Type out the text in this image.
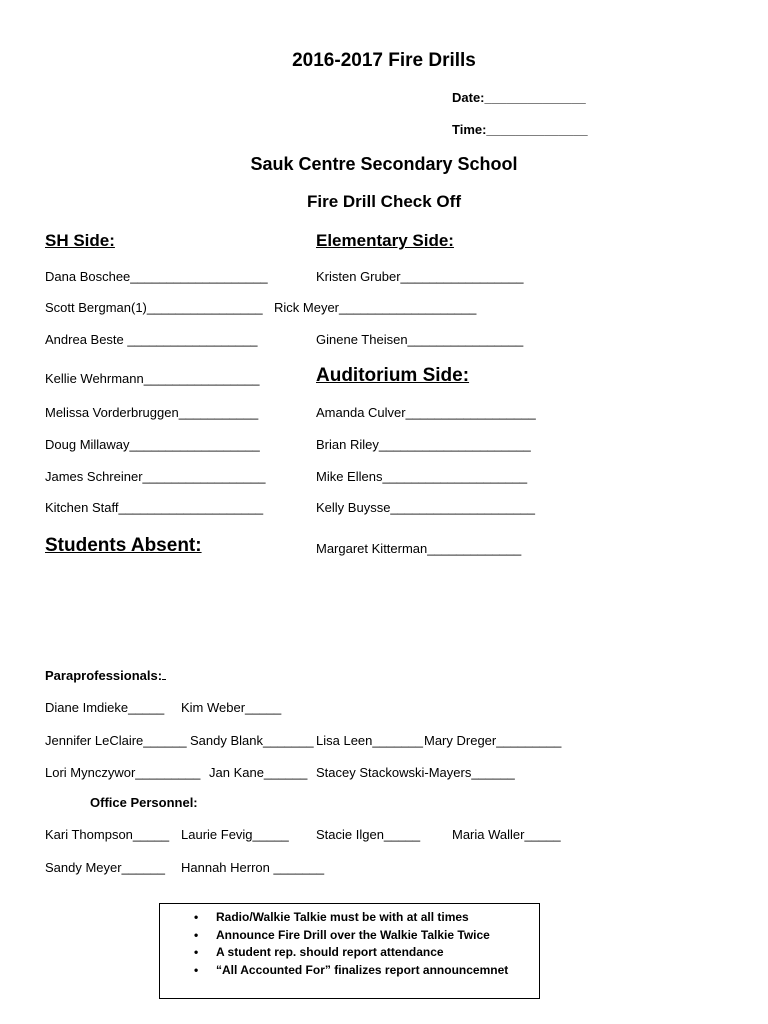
2016-2017 Fire Drills
Date:______________
Time:______________
Sauk Centre Secondary School
Fire Drill Check Off
SH Side:	Elementary Side:
Dana Boschee___________________
Scott Bergman(1)________________
Andrea Beste __________________
Kellie Wehrmann________________
Melissa Vorderbruggen___________
Doug Millaway__________________
James Schreiner_________________
Kitchen Staff____________________
Kristen Gruber_________________
Rick Meyer___________________
Ginene Theisen________________
Auditorium Side:
Amanda Culver__________________
Brian Riley_____________________
Mike Ellens____________________
Kelly Buysse____________________
Margaret Kitterman_____________
Students Absent:
Paraprofessionals:
Diane Imdieke_____ Kim Weber_____
Jennifer LeClaire______ Sandy Blank_______ Lisa Leen_______ Mary Dreger_________
Lori Mynczywor_________ Jan Kane______ Stacey Stackowski-Mayers______
Office Personnel:
Kari Thompson_____ Laurie Fevig_____ Stacie Ilgen_____ Maria Waller_____
Sandy Meyer______ Hannah Herron _______
• Radio/Walkie Talkie must be with at all times
• Announce Fire Drill over the Walkie Talkie Twice
• A student rep. should report attendance
• “All Accounted For” finalizes report announcemnet
